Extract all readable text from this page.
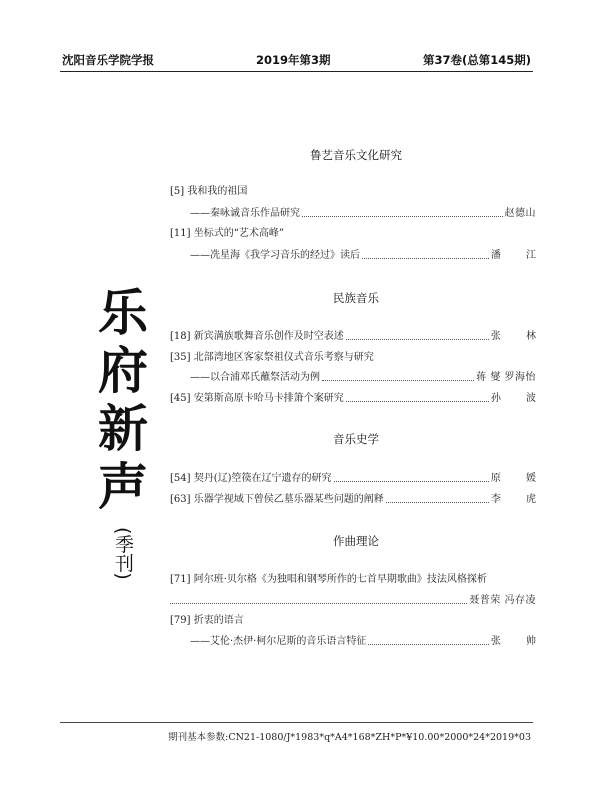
沈阳音乐学院学报	2019年第3期	第37卷(总第145期)
乐
府
新
声
(季刊)
鲁艺音乐文化研究
[5] 我和我的祖国
——秦咏诚音乐作品研究	赵德山
[11] 坐标式的“艺术高峰”
——冼星海《我学习音乐的经过》读后	潘 江
民族音乐
[18] 新宾满族歌舞音乐创作及时空表述	张 林
[35] 北部湾地区客家祭祖仪式音乐考察与研究
——以合浦邓氏蘸祭活动为例	蒋 燮 罗海怡
[45] 安第斯高原卡哈马卡排箫个案研究	孙 波
音乐史学
[54] 契丹(辽)箜篌在辽宁遗存的研究	原 媛
[63] 乐器学视域下曾侯乙墓乐器某些问题的阐释	李 虎
作曲理论
[71] 阿尔班·贝尔格《为独唱和钢琴所作的七首早期歌曲》技法风格探析
聂普荣 冯存凌
[79] 折衷的语言
——艾伦·杰伊·柯尔尼斯的音乐语言特征	张 帅
期刊基本参数:CN21-1080/J*1983*q*A4*168*ZH*P*¥10.00*2000*24*2019*03
